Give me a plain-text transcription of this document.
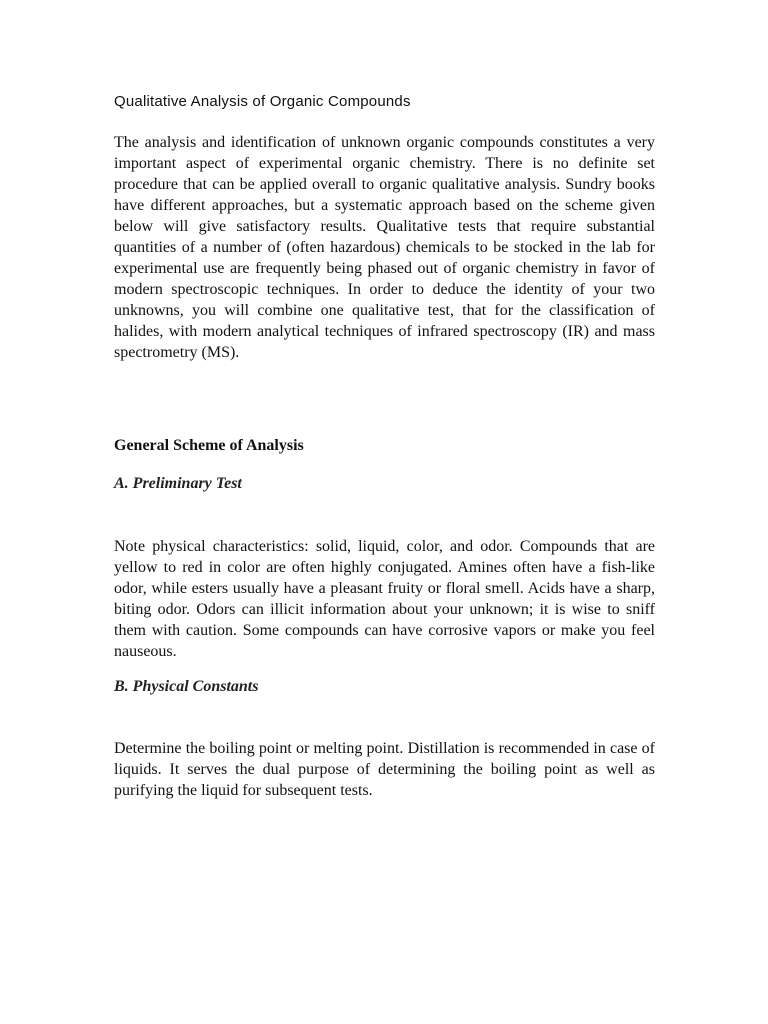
Qualitative Analysis of Organic Compounds

The analysis and identification of unknown organic compounds constitutes a very important aspect of experimental organic chemistry. There is no definite set procedure that can be applied overall to organic qualitative analysis. Sundry books have different approaches, but a systematic approach based on the scheme given below will give satisfactory results. Qualitative tests that require substantial quantities of a number of (often hazardous) chemicals to be stocked in the lab for experimental use are frequently being phased out of organic chemistry in favor of modern spectroscopic techniques. In order to deduce the identity of your two unknowns, you will combine one qualitative test, that for the classification of halides, with modern analytical techniques of infrared spectroscopy (IR) and mass spectrometry (MS).

General Scheme of Analysis
A. Preliminary Test

Note physical characteristics: solid, liquid, color, and odor. Compounds that are yellow to red in color are often highly conjugated. Amines often have a fish-like odor, while esters usually have a pleasant fruity or floral smell. Acids have a sharp, biting odor. Odors can illicit information about your unknown; it is wise to sniff them with caution. Some compounds can have corrosive vapors or make you feel nauseous.

B. Physical Constants

Determine the boiling point or melting point. Distillation is recommended in case of liquids. It serves the dual purpose of determining the boiling point as well as purifying the liquid for subsequent tests.
